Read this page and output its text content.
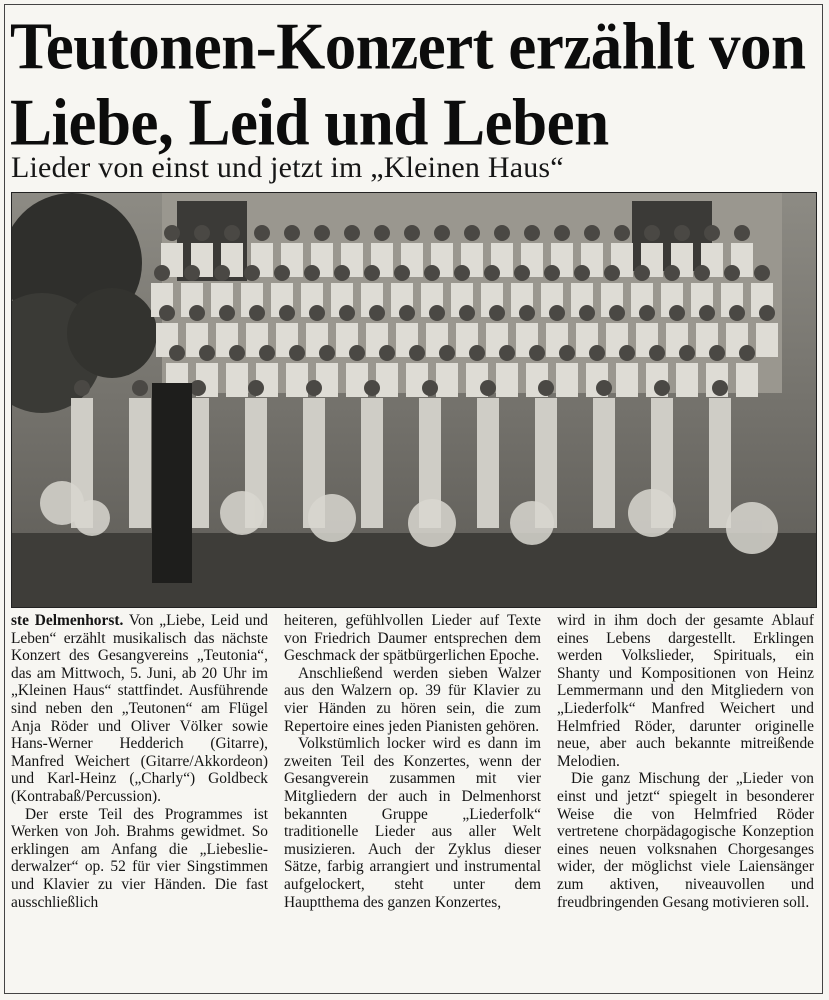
Teutonen-Konzert erzählt von Liebe, Leid und Leben
Lieder von einst und jetzt im „Kleinen Haus“

ste Delmenhorst. Von „Liebe, Leid und Leben“ erzählt musikalisch das nächste Konzert des Gesangvereins „Teutonia“, das am Mittwoch, 5. Juni, ab 20 Uhr im „Kleinen Haus“ stattfindet. Ausführende sind neben den „Teutonen“ am Flügel Anja Röder und Oliver Völker sowie Hans-Werner Hedderich (Gitarre), Manfred Weichert (Gitarre/Akkordeon) und Karl-Heinz („Charly“) Goldbeck (Kontrabaß/Percussion).

Der erste Teil des Programmes ist Werken von Joh. Brahms gewidmet. So erklingen am Anfang die „Liebesliederwalzer“ op. 52 für vier Singstimmen und Klavier zu vier Händen. Die fast ausschließlich

heiteren, gefühlvollen Lieder auf Texte von Friedrich Daumer entsprechen dem Geschmack der spätbürgerlichen Epoche.

Anschließend werden sieben Walzer aus den Walzern op. 39 für Klavier zu vier Händen zu hören sein, die zum Repertoire eines jeden Pianisten gehören.

Volkstümlich locker wird es dann im zweiten Teil des Konzertes, wenn der Gesangverein zusammen mit vier Mitgliedern der auch in Delmenhorst bekannten Gruppe „Liederfolk“ traditionelle Lieder aus aller Welt musizieren. Auch der Zyklus dieser Sätze, farbig arrangiert und instrumental aufgelockert, steht unter dem Hauptthema des ganzen Konzertes,

wird in ihm doch der gesamte Ablauf eines Lebens dargestellt. Erklingen werden Volkslieder, Spirituals, ein Shanty und Kompositionen von Heinz Lemmermann und den Mitgliedern von „Liederfolk“ Manfred Weichert und Helmfried Röder, darunter originelle neue, aber auch bekannte mitreißende Melodien.

Die ganz Mischung der „Lieder von einst und jetzt“ spiegelt in besonderer Weise die von Helmfried Röder vertretene chorpädagogische Konzeption eines neuen volksnahen Chorgesanges wider, der möglichst viele Laiensänger zum aktiven, niveauvollen und freudbringenden Gesang motivieren soll.
